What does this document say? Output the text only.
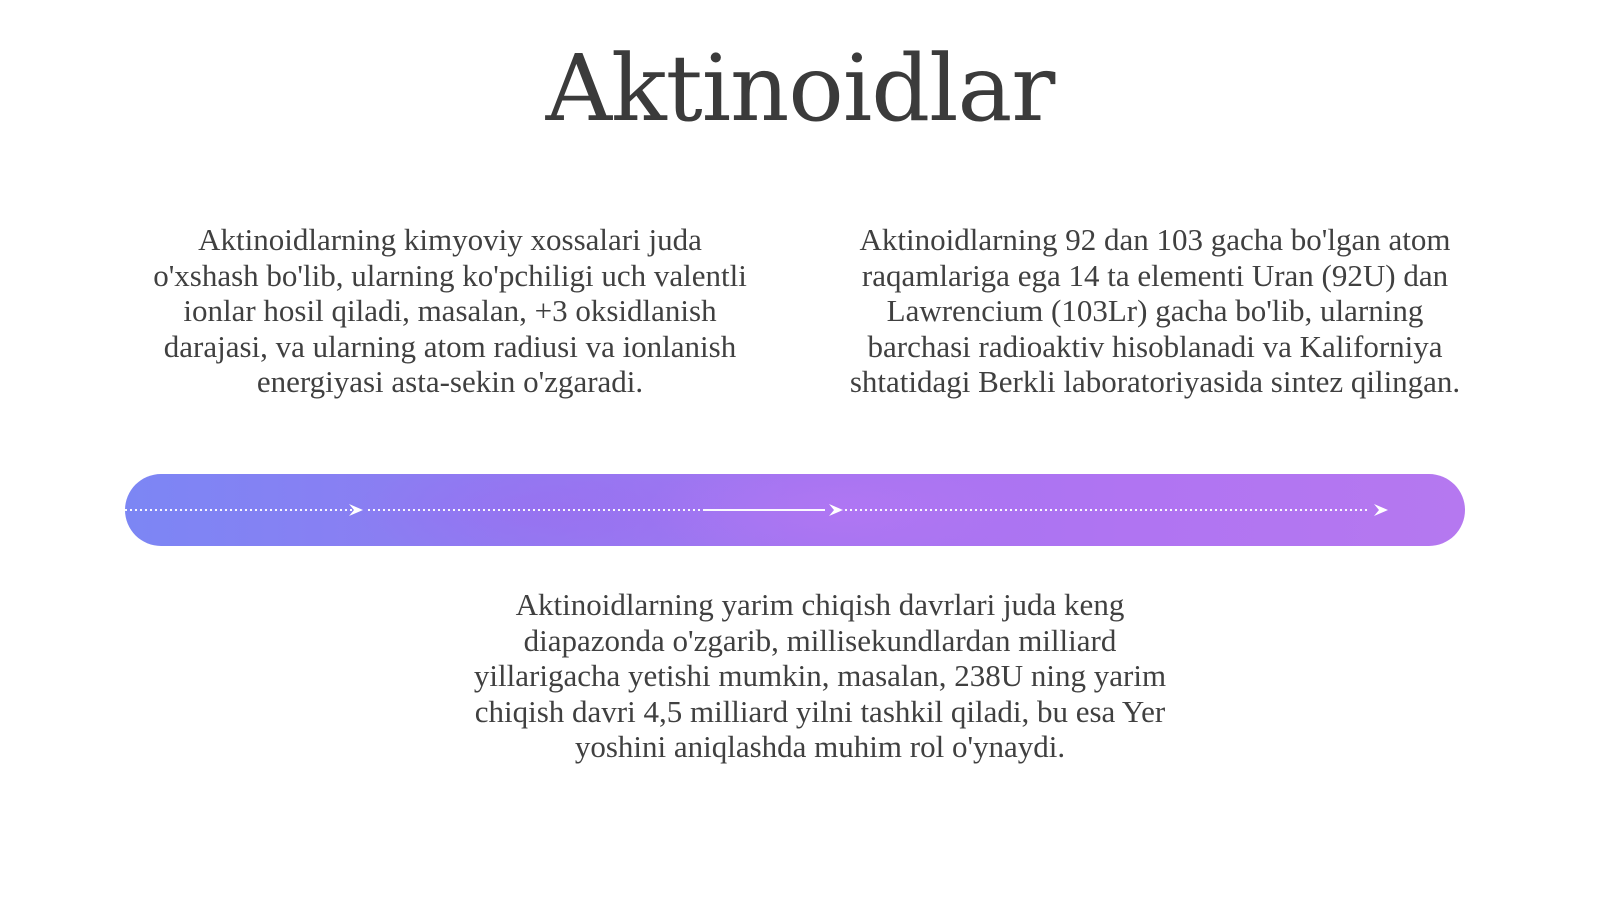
Aktinoidlar
Aktinoidlarning kimyoviy xossalari juda o'xshash bo'lib, ularning ko'pchiligi uch valentli ionlar hosil qiladi, masalan, +3 oksidlanish darajasi, va ularning atom radiusi va ionlanish energiyasi asta-sekin o'zgaradi.
Aktinoidlarning 92 dan 103 gacha bo'lgan atom raqamlariga ega 14 ta elementi Uran (92U) dan Lawrencium (103Lr) gacha bo'lib, ularning barchasi radioaktiv hisoblanadi va Kaliforniya shtatidagi Berkli laboratoriyasida sintez qilingan.
Aktinoidlarning yarim chiqish davrlari juda keng diapazonda o'zgarib, millisekundlardan milliard yillarigacha yetishi mumkin, masalan, 238U ning yarim chiqish davri 4,5 milliard yilni tashkil qiladi, bu esa Yer yoshini aniqlashda muhim rol o'ynaydi.
